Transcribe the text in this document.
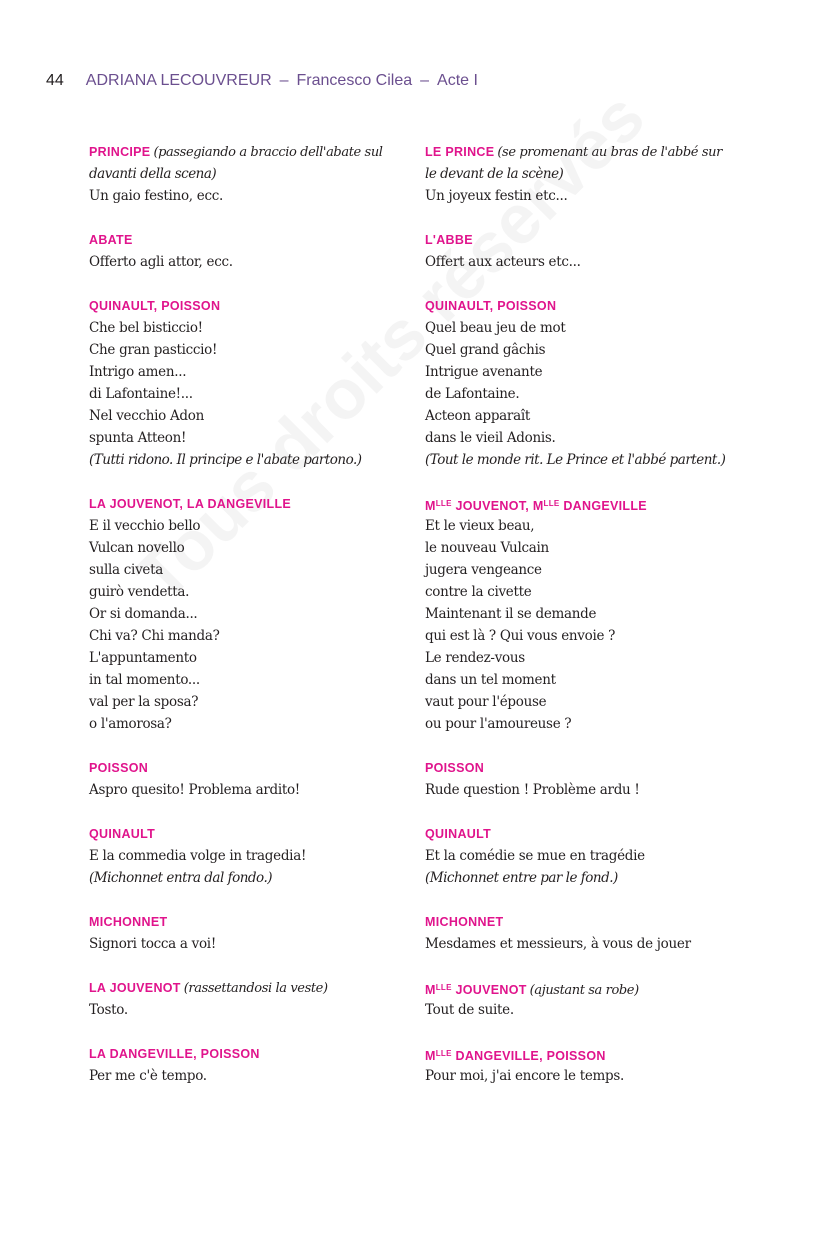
44 ADRIANA LECOUVREUR – Francesco Cilea – Acte I
PRINCIPE (passegiando a braccio dell'abate sul
davanti della scena)
Un gaio festino, ecc.
ABATE
Offerto agli attor, ecc.
QUINAULT, POISSON
Che bel bisticcio!
Che gran pasticcio!
Intrigo amen...
di Lafontaine!...
Nel vecchio Adon
spunta Atteon!
(Tutti ridono. Il principe e l'abate partono.)
LA JOUVENOT, LA DANGEVILLE
E il vecchio bello
Vulcan novello
sulla civeta
guirò vendetta.
Or si domanda...
Chi va? Chi manda?
L'appuntamento
in tal momento...
val per la sposa?
o l'amorosa?
POISSON
Aspro quesito! Problema ardito!
QUINAULT
E la commedia volge in tragedia!
(Michonnet entra dal fondo.)
MICHONNET
Signori tocca a voi!
LA JOUVENOT (rassettandosi la veste)
Tosto.
LA DANGEVILLE, POISSON
Per me c'è tempo.
LE PRINCE (se promenant au bras de l'abbé sur
le devant de la scène)
Un joyeux festin etc...
L'ABBE
Offert aux acteurs etc...
QUINAULT, POISSON
Quel beau jeu de mot
Quel grand gâchis
Intrigue avenante
de Lafontaine.
Acteon apparaît
dans le vieil Adonis.
(Tout le monde rit. Le Prince et l'abbé partent.)
$M^{LLE}$ JOUVENOT, $M^{LLE}$ DANGEVILLE
Et le vieux beau,
le nouveau Vulcain
jugera vengeance
contre la civette
Maintenant il se demande
qui est là ? Qui vous envoie ?
Le rendez-vous
dans un tel moment
vaut pour l'épouse
ou pour l'amoureuse ?
POISSON
Rude question ! Problème ardu !
QUINAULT
Et la comédie se mue en tragédie
(Michonnet entre par le fond.)
MICHONNET
Mesdames et messieurs, à vous de jouer
$M^{LLE}$ JOUVENOT (ajustant sa robe)
Tout de suite.
$M^{LLE}$ DANGEVILLE, POISSON
Pour moi, j'ai encore le temps.
